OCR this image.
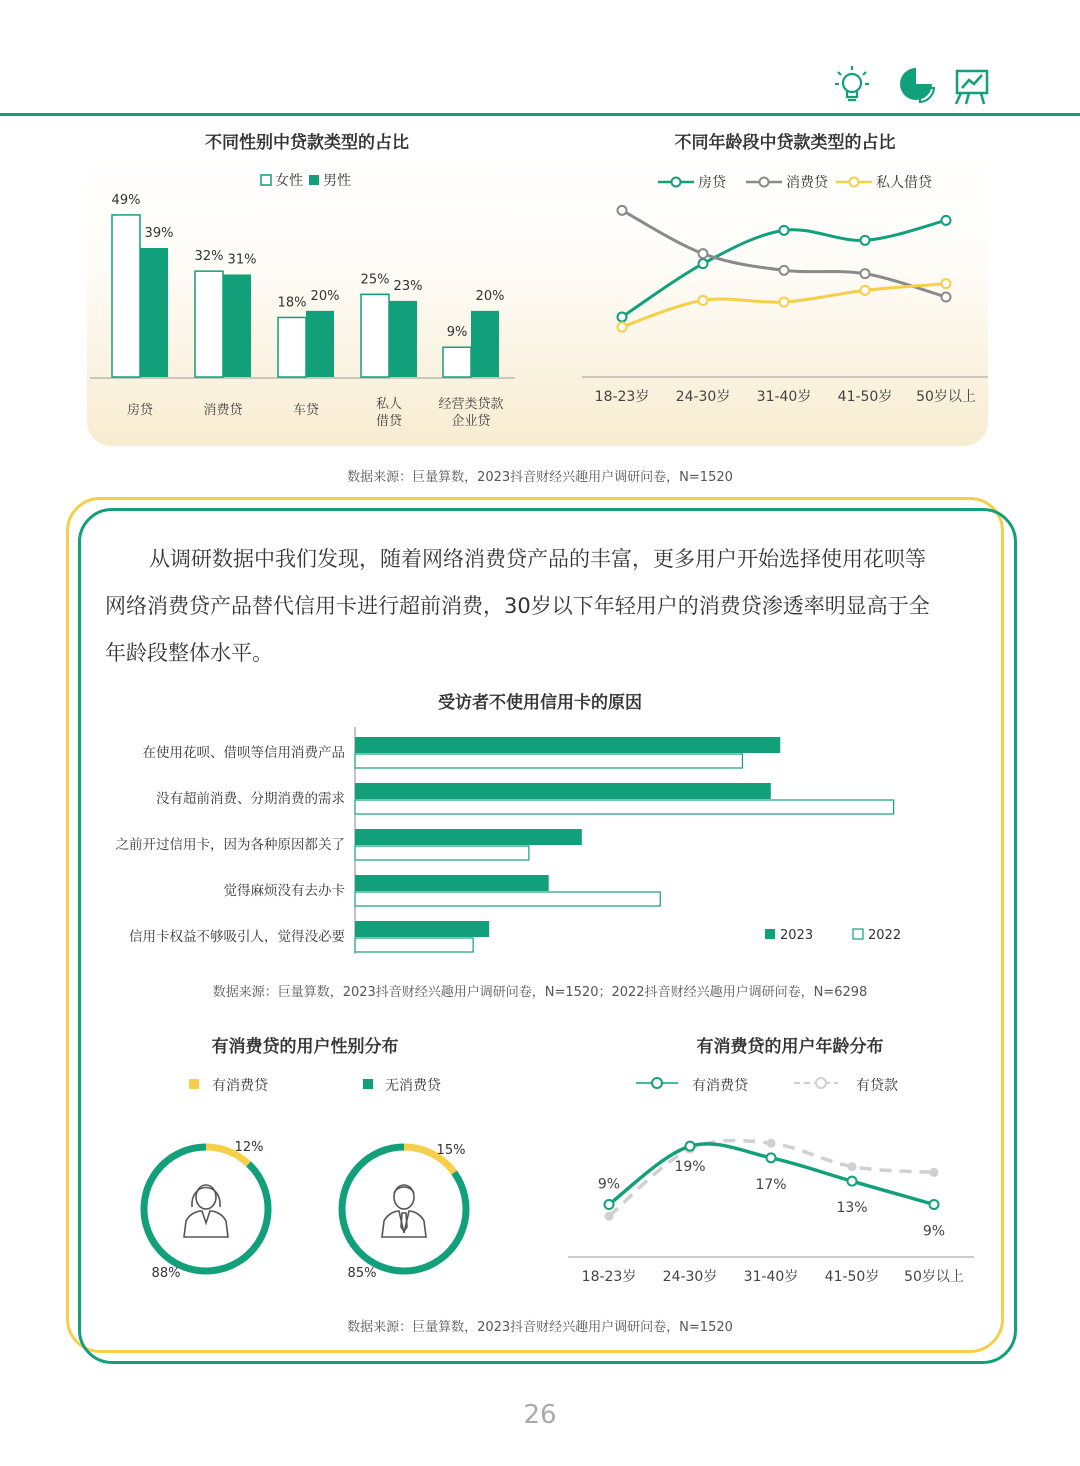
不同性别中贷款类型的占比
女性 男性
49%
39%
32% 31%
18% 20%
25% 23%
9%
20%
房贷	消费贷	车贷	私人
借贷
经营类贷款
企业贷
不同年龄段中贷款类型的占比
房贷	消费贷	私人借贷
18-23岁 24-30岁 31-40岁 41-50岁 50岁以上
数据来源：巨量算数，2023抖音财经兴趣用户调研问卷，N=1520
从调研数据中我们发现，随着网络消费贷产品的丰富，更多用户开始选择使用花呗等
网络消费贷产品替代信用卡进行超前消费，30岁以下年轻用户的消费贷渗透率明显高于全
年龄段整体水平。
受访者不使用信用卡的原因
在使用花呗、借呗等信用消费产品
没有超前消费、分期消费的需求
之前开过信用卡，因为各种原因都关了
觉得麻烦没有去办卡
信用卡权益不够吸引人，觉得没必要	2023	2022
数据来源：巨量算数，2023抖音财经兴趣用户调研问卷，N=1520；2022抖音财经兴趣用户调研问卷，N=6298
有消费贷的用户性别分布
有消费贷	无消费贷
12%
88%
15%
85%
有消费贷的用户年龄分布
有消费贷	有贷款
9%
19%
17%
13%
9%
18-23岁 24-30岁 31-40岁 41-50岁 50岁以上
数据来源：巨量算数，2023抖音财经兴趣用户调研问卷，N=1520
26
